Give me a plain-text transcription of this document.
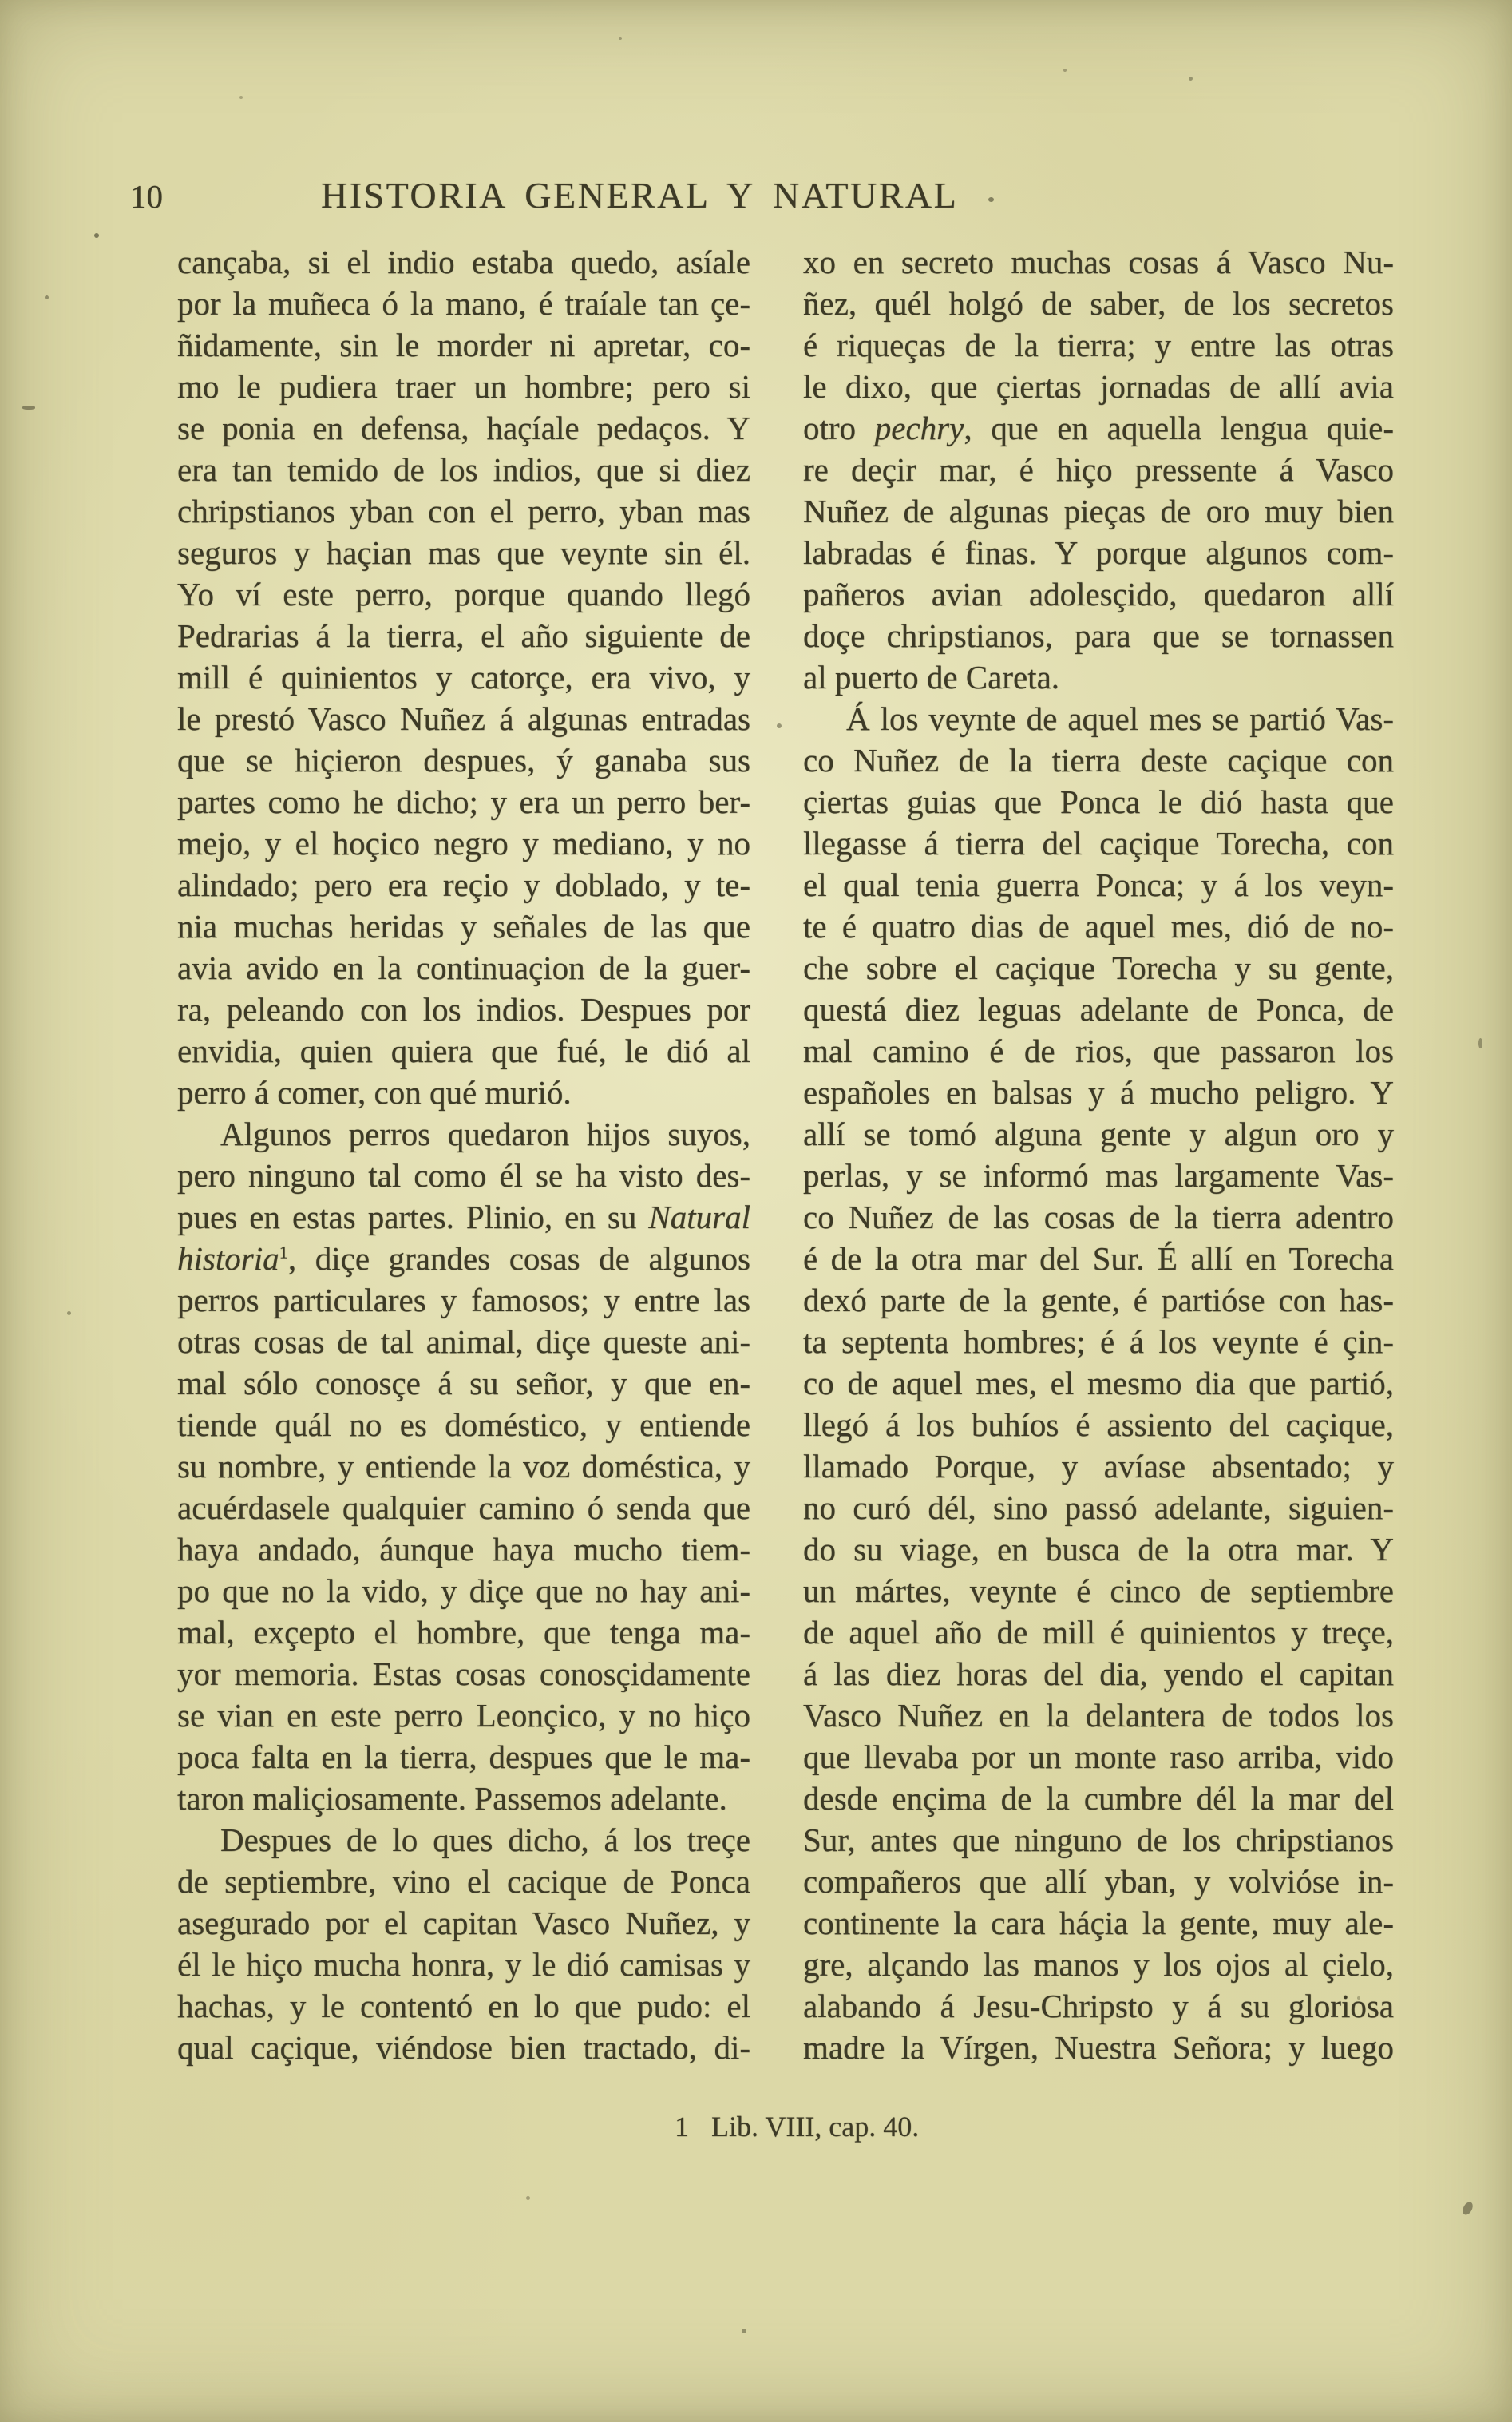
10	HISTORIA GENERAL Y NATURAL
cançaba, si el indio estaba quedo, asíale
por la muñeca ó la mano, é traíale tan çe-
ñidamente, sin le morder ni apretar, co-
mo le pudiera traer un hombre; pero si
se ponia en defensa, haçíale pedaços. Y
era tan temido de los indios, que si diez
chripstianos yban con el perro, yban mas
seguros y haçian mas que veynte sin él.
Yo ví este perro, porque quando llegó
Pedrarias á la tierra, el año siguiente de
mill é quinientos y catorçe, era vivo, y
le prestó Vasco Nuñez á algunas entradas
que se hiçieron despues, ý ganaba sus
partes como he dicho; y era un perro ber-
mejo, y el hoçico negro y mediano, y no
alindado; pero era reçio y doblado, y te-
nia muchas heridas y señales de las que
avia avido en la continuaçion de la guer-
ra, peleando con los indios. Despues por
envidia, quien quiera que fué, le dió al
perro á comer, con qué murió.
Algunos perros quedaron hijos suyos,
pero ninguno tal como él se ha visto des-
pues en estas partes. Plinio, en su Natural
historia$^1$, diçe grandes cosas de algunos
perros particulares y famosos; y entre las
otras cosas de tal animal, diçe queste ani-
mal sólo conosçe á su señor, y que en-
tiende quál no es doméstico, y entiende
su nombre, y entiende la voz doméstica, y
acuérdasele qualquier camino ó senda que
haya andado, áunque haya mucho tiem-
po que no la vido, y diçe que no hay ani-
mal, exçepto el hombre, que tenga ma-
yor memoria. Estas cosas conosçidamente
se vian en este perro Leonçico, y no hiço
poca falta en la tierra, despues que le ma-
taron maliçiosamente. Passemos adelante.
Despues de lo ques dicho, á los treçe
de septiembre, vino el cacique de Ponca
asegurado por el capitan Vasco Nuñez, y
él le hiço mucha honra, y le dió camisas y
hachas, y le contentó en lo que pudo: el
qual caçique, viéndose bien tractado, di-
xo en secreto muchas cosas á Vasco Nu-
ñez, quél holgó de saber, de los secretos
é riqueças de la tierra; y entre las otras
le dixo, que çiertas jornadas de allí avia
otro pechry, que en aquella lengua quie-
re deçir mar, é hiço pressente á Vasco
Nuñez de algunas pieças de oro muy bien
labradas é finas. Y porque algunos com-
pañeros avian adolesçido, quedaron allí
doçe chripstianos, para que se tornassen
al puerto de Careta.
Á los veynte de aquel mes se partió Vas-
co Nuñez de la tierra deste caçique con
çiertas guias que Ponca le dió hasta que
llegasse á tierra del caçique Torecha, con
el qual tenia guerra Ponca; y á los veyn-
te é quatro dias de aquel mes, dió de no-
che sobre el caçique Torecha y su gente,
questá diez leguas adelante de Ponca, de
mal camino é de rios, que passaron los
españoles en balsas y á mucho peligro. Y
allí se tomó alguna gente y algun oro y
perlas, y se informó mas largamente Vas-
co Nuñez de las cosas de la tierra adentro
é de la otra mar del Sur. É allí en Torecha
dexó parte de la gente, é partióse con has-
ta septenta hombres; é á los veynte é çin-
co de aquel mes, el mesmo dia que partió,
llegó á los buhíos é assiento del caçique,
llamado Porque, y avíase absentado; y
no curó dél, sino passó adelante, siguien-
do su viage, en busca de la otra mar. Y
un mártes, veynte é cinco de septiembre
de aquel año de mill é quinientos y treçe,
á las diez horas del dia, yendo el capitan
Vasco Nuñez en la delantera de todos los
que llevaba por un monte raso arriba, vido
desde ençima de la cumbre dél la mar del
Sur, antes que ninguno de los chripstianos
compañeros que allí yban, y volvióse in-
continente la cara háçia la gente, muy ale-
gre, alçando las manos y los ojos al çielo,
alabando á Jesu-Chripsto y á su gloriosa
madre la Vírgen, Nuestra Señora; y luego
1 Lib. VIII, cap. 40.
